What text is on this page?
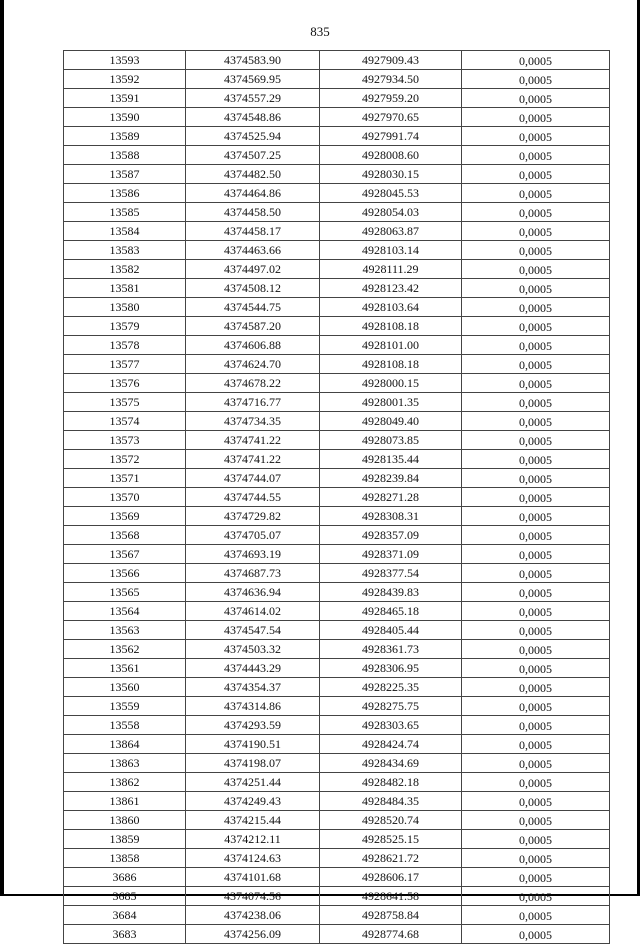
835
13593	4374583.90	4927909.43	0,0005
13592	4374569.95	4927934.50	0,0005
13591	4374557.29	4927959.20	0,0005
13590	4374548.86	4927970.65	0,0005
13589	4374525.94	4927991.74	0,0005
13588	4374507.25	4928008.60	0,0005
13587	4374482.50	4928030.15	0,0005
13586	4374464.86	4928045.53	0,0005
13585	4374458.50	4928054.03	0,0005
13584	4374458.17	4928063.87	0,0005
13583	4374463.66	4928103.14	0,0005
13582	4374497.02	4928111.29	0,0005
13581	4374508.12	4928123.42	0,0005
13580	4374544.75	4928103.64	0,0005
13579	4374587.20	4928108.18	0,0005
13578	4374606.88	4928101.00	0,0005
13577	4374624.70	4928108.18	0,0005
13576	4374678.22	4928000.15	0,0005
13575	4374716.77	4928001.35	0,0005
13574	4374734.35	4928049.40	0,0005
13573	4374741.22	4928073.85	0,0005
13572	4374741.22	4928135.44	0,0005
13571	4374744.07	4928239.84	0,0005
13570	4374744.55	4928271.28	0,0005
13569	4374729.82	4928308.31	0,0005
13568	4374705.07	4928357.09	0,0005
13567	4374693.19	4928371.09	0,0005
13566	4374687.73	4928377.54	0,0005
13565	4374636.94	4928439.83	0,0005
13564	4374614.02	4928465.18	0,0005
13563	4374547.54	4928405.44	0,0005
13562	4374503.32	4928361.73	0,0005
13561	4374443.29	4928306.95	0,0005
13560	4374354.37	4928225.35	0,0005
13559	4374314.86	4928275.75	0,0005
13558	4374293.59	4928303.65	0,0005
13864	4374190.51	4928424.74	0,0005
13863	4374198.07	4928434.69	0,0005
13862	4374251.44	4928482.18	0,0005
13861	4374249.43	4928484.35	0,0005
13860	4374215.44	4928520.74	0,0005
13859	4374212.11	4928525.15	0,0005
13858	4374124.63	4928621.72	0,0005
3686	4374101.68	4928606.17	0,0005
3685	4374074.56	4928641.58	0,0005
3684	4374238.06	4928758.84	0,0005
3683	4374256.09	4928774.68	0,0005
